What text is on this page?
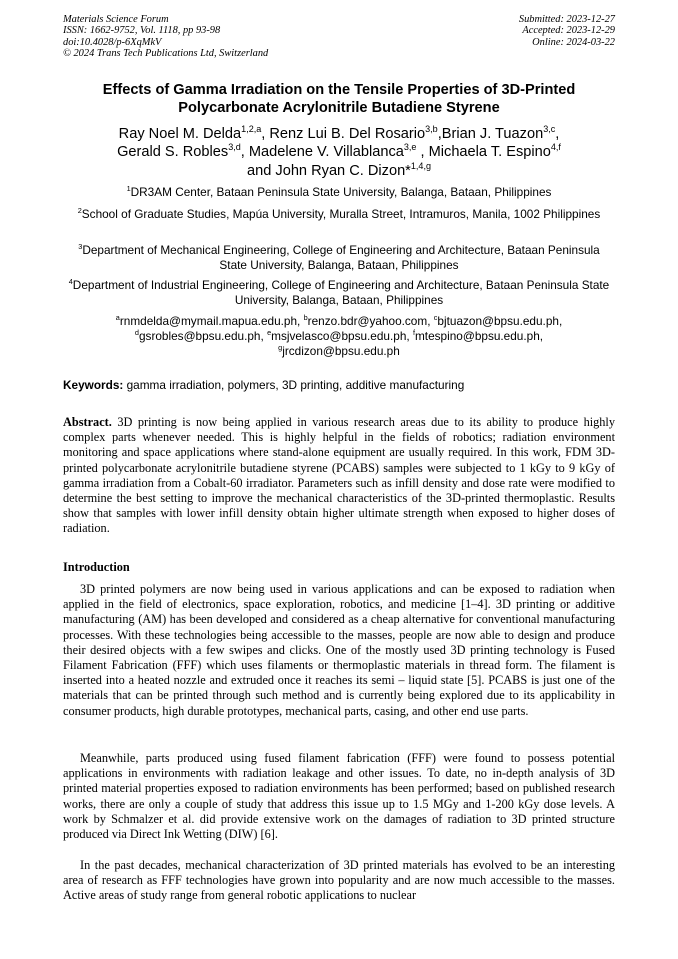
Materials Science Forum
ISSN: 1662-9752, Vol. 1118, pp 93-98
doi:10.4028/p-6XqMkV
© 2024 Trans Tech Publications Ltd, Switzerland
Submitted: 2023-12-27
Accepted: 2023-12-29
Online: 2024-03-22
Effects of Gamma Irradiation on the Tensile Properties of 3D-Printed
Polycarbonate Acrylonitrile Butadiene Styrene
Ray Noel M. Delda$^{1,2,a}$, Renz Lui B. Del Rosario$^{3,b}$,Brian J. Tuazon$^{3,c}$,
Gerald S. Robles$^{3,d}$, Madelene V. Villablanca$^{3,e}$ , Michaela T. Espino$^{4,f}$
and John Ryan C. Dizon*$^{1,4,g}$
$^1$DR3AM Center, Bataan Peninsula State University, Balanga, Bataan, Philippines
$^2$School of Graduate Studies, Mapúa University, Muralla Street, Intramuros, Manila, 1002 Philippines
$^3$Department of Mechanical Engineering, College of Engineering and Architecture, Bataan Peninsula State University, Balanga, Bataan, Philippines
$^4$Department of Industrial Engineering, College of Engineering and Architecture, Bataan Peninsula State University, Balanga, Bataan, Philippines
$^a$rnmdelda@mymail.mapua.edu.ph, $^b$renzo.bdr@yahoo.com, $^c$bjtuazon@bpsu.edu.ph,
$^d$gsrobles@bpsu.edu.ph, $^e$msjvelasco@bpsu.edu.ph, $^f$mtespino@bpsu.edu.ph,
$^g$jrcdizon@bpsu.edu.ph
Keywords: gamma irradiation, polymers, 3D printing, additive manufacturing

Abstract. 3D printing is now being applied in various research areas due to its ability to produce highly complex parts whenever needed. This is highly helpful in the fields of robotics; radiation environment monitoring and space applications where stand-alone equipment are usually required. In this work, FDM 3D-printed polycarbonate acrylonitrile butadiene styrene (PCABS) samples were subjected to 1 kGy to 9 kGy of gamma irradiation from a Cobalt-60 irradiator. Parameters such as infill density and dose rate were modified to determine the best setting to improve the mechanical characteristics of the 3D-printed thermoplastic. Results show that samples with lower infill density obtain higher ultimate strength when exposed to higher doses of radiation.

Introduction

3D printed polymers are now being used in various applications and can be exposed to radiation when applied in the field of electronics, space exploration, robotics, and medicine [1–4]. 3D printing or additive manufacturing (AM) has been developed and considered as a cheap alternative for conventional manufacturing processes. With these technologies being accessible to the masses, people are now able to design and produce their desired objects with a few swipes and clicks. One of the mostly used 3D printing technology is Fused Filament Fabrication (FFF) which uses filaments or thermoplastic materials in thread form. The filament is inserted into a heated nozzle and extruded once it reaches its semi – liquid state [5]. PCABS is just one of the materials that can be printed through such method and is currently being explored due to its applicability in consumer products, high durable prototypes, mechanical parts, casing, and other end use parts.

Meanwhile, parts produced using fused filament fabrication (FFF) were found to possess potential applications in environments with radiation leakage and other issues. To date, no in-depth analysis of 3D printed material properties exposed to radiation environments has been performed; based on published research works, there are only a couple of study that address this issue up to 1.5 MGy and 1-200 kGy dose levels. A work by Schmalzer et al. did provide extensive work on the damages of radiation to 3D printed structure produced via Direct Ink Wetting (DIW) [6].

In the past decades, mechanical characterization of 3D printed materials has evolved to be an interesting area of research as FFF technologies have grown into popularity and are now much accessible to the masses. Active areas of study range from general robotic applications to nuclear
